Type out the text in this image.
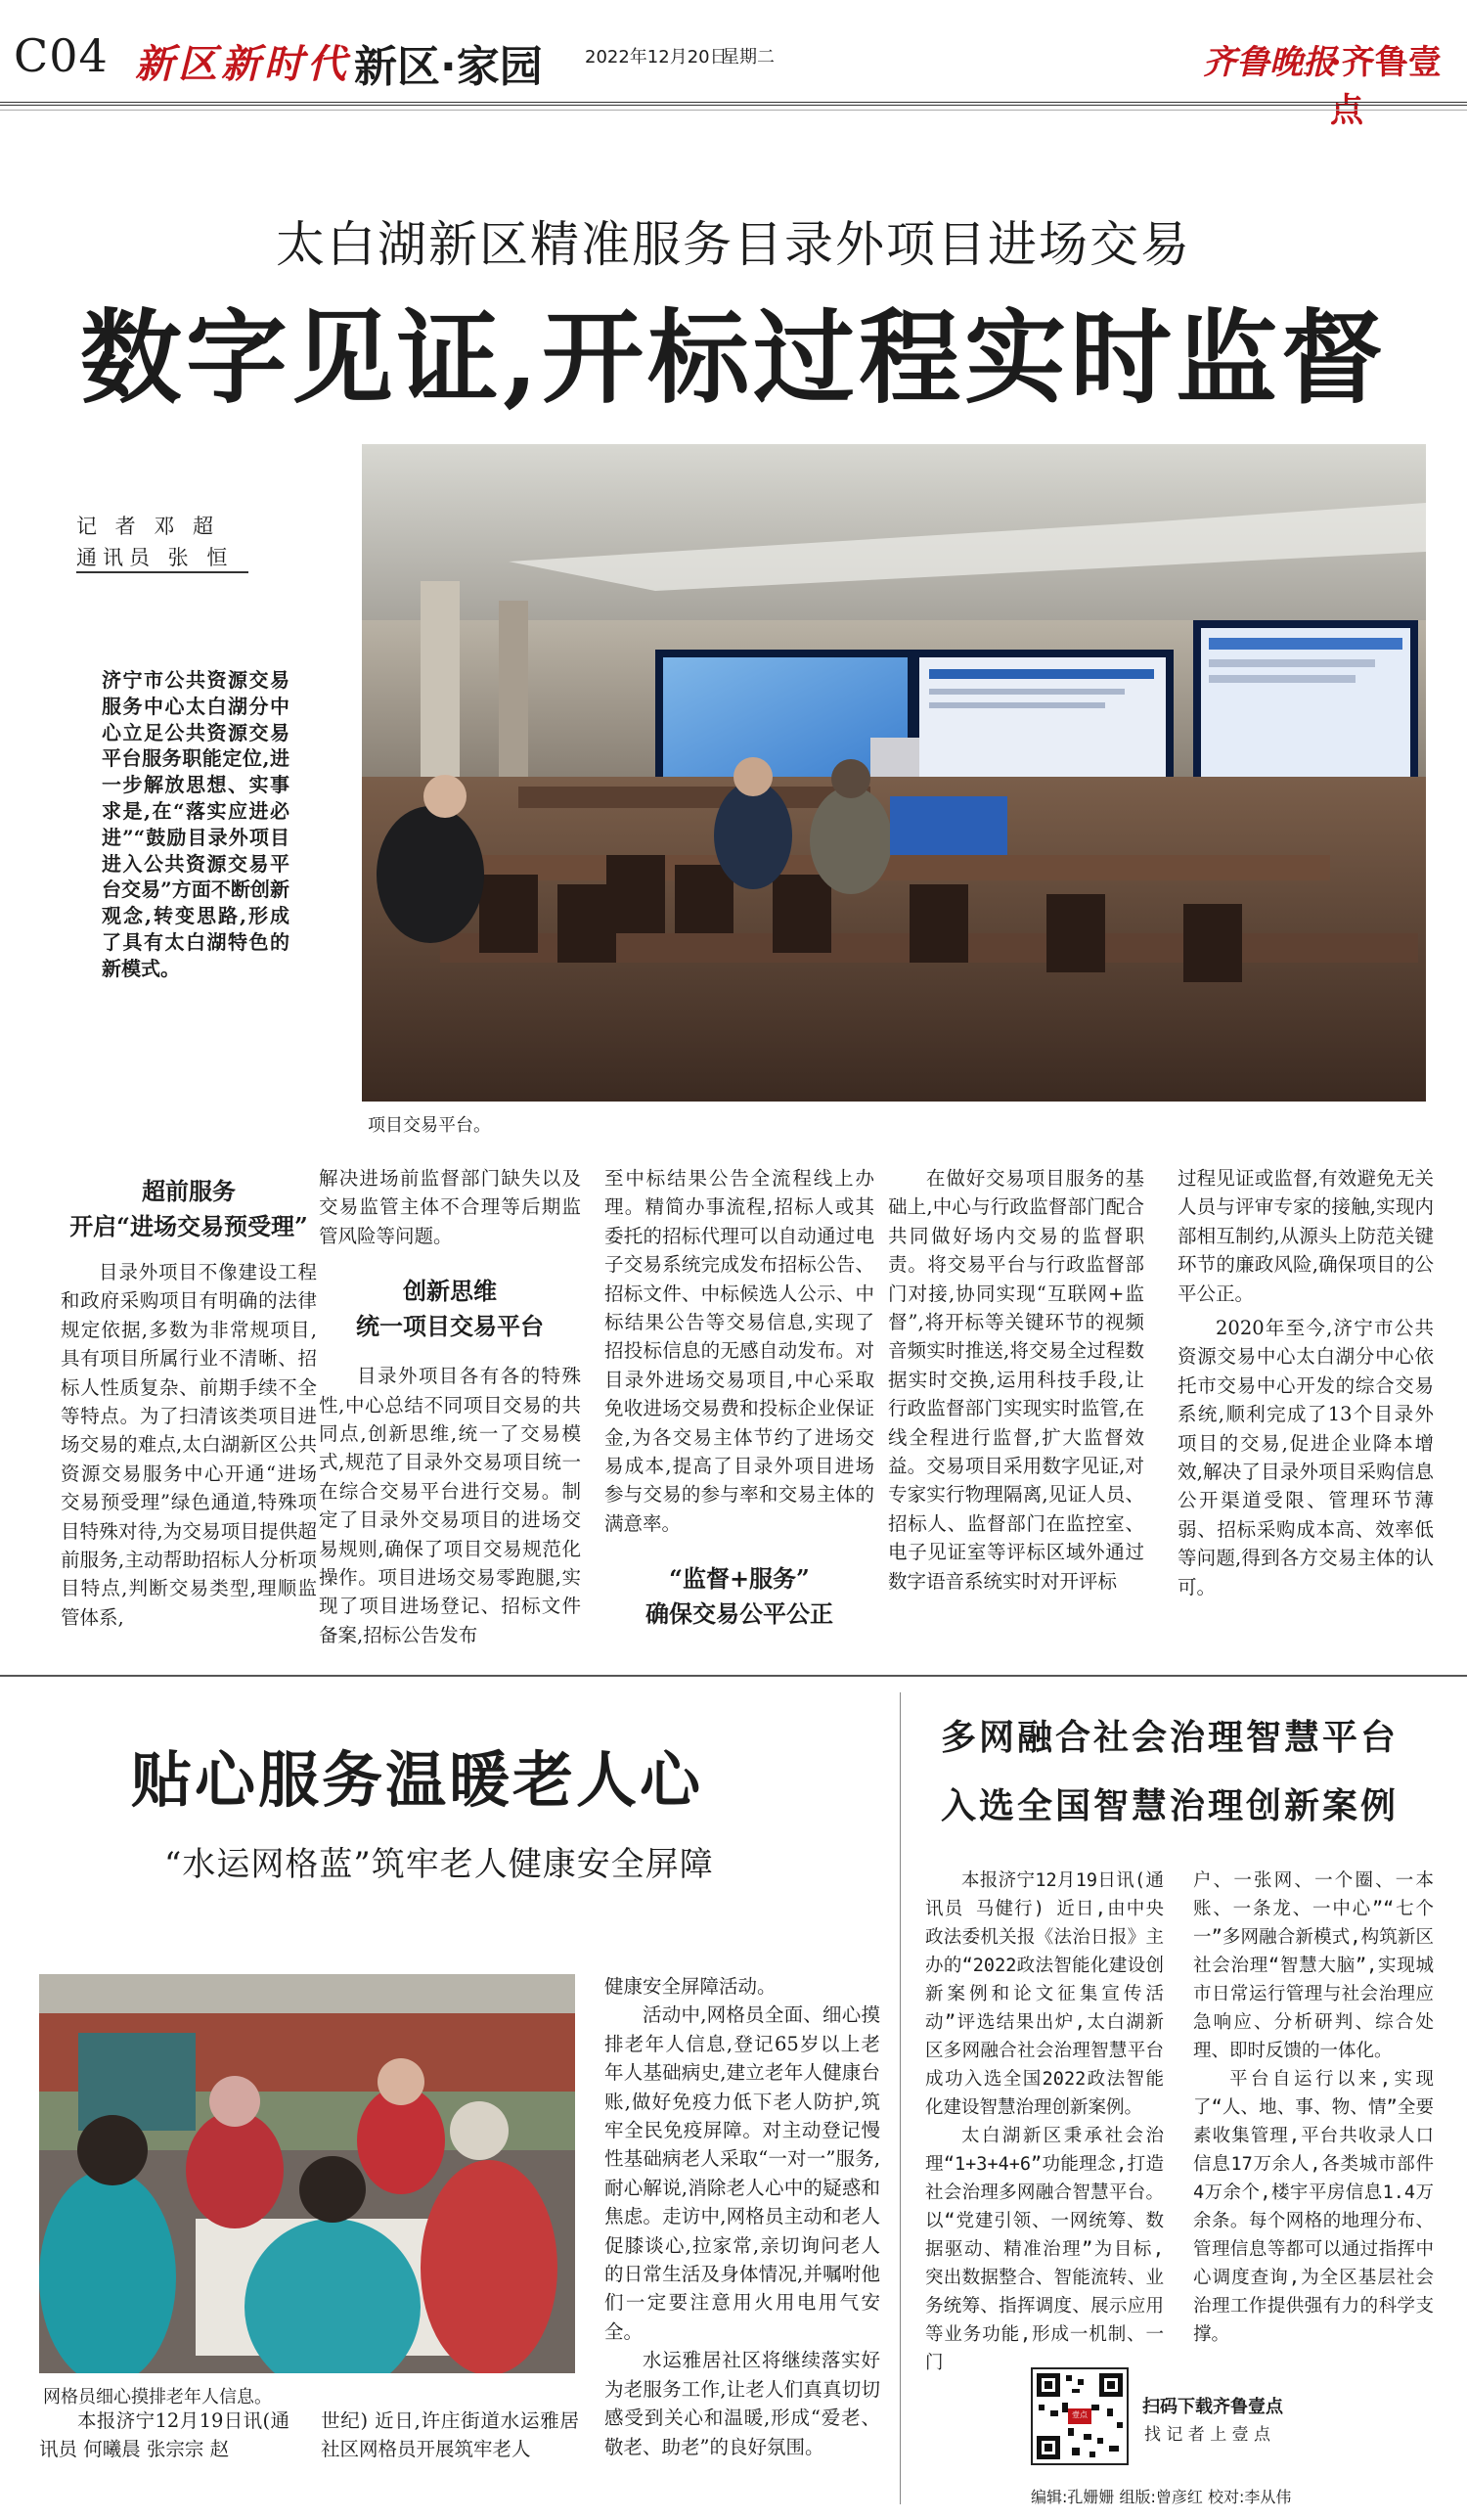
C04 新区新时代 新区·家园 2022年12月20日
星期二	齐鲁晚报
·齐鲁壹点
太白湖新区精准服务目录外项目进场交易
数字见证,开标过程实时监督
记 者 邓 超
通讯员 张 恒
济宁市公共资源交易服务中心太白湖分中心立足公共资源交易平台服务职能定位,进一步解放思想、实事求是,在“落实应进必进”“鼓励目录外项目进入公共资源交易平台交易”方面不断创新观念,转变思路,形成了具有太白湖特色的新模式。
项目交易平台。
超前服务
开启“进场交易预受理”

目录外项目不像建设工程和政府采购项目有明确的法律规定依据,多数为非常规项目,具有项目所属行业不清晰、招标人性质复杂、前期手续不全等特点。为了扫清该类项目进场交易的难点,太白湖新区公共资源交易服务中心开通“进场交易预受理”绿色通道,特殊项目特殊对待,为交易项目提供超前服务,主动帮助招标人分析项目特点,判断交易类型,理顺监管体系,

解决进场前监督部门缺失以及交易监管主体不合理等后期监管风险等问题。
创新思维
统一项目交易平台

目录外项目各有各的特殊性,中心总结不同项目交易的共同点,创新思维,统一了交易模式,规范了目录外交易项目统一在综合交易平台进行交易。制定了目录外交易项目的进场交易规则,确保了项目交易规范化操作。项目进场交易零跑腿,实现了项目进场登记、招标文件备案,招标公告发布

至中标结果公告全流程线上办理。精简办事流程,招标人或其委托的招标代理可以自动通过电子交易系统完成发布招标公告、招标文件、中标候选人公示、中标结果公告等交易信息,实现了招投标信息的无感自动发布。对目录外进场交易项目,中心采取免收进场交易费和投标企业保证金,为各交易主体节约了进场交易成本,提高了目录外项目进场参与交易的参与率和交易主体的满意率。
“监督+服务”
确保交易公平公正

在做好交易项目服务的基础上,中心与行政监督部门配合共同做好场内交易的监督职责。将交易平台与行政监督部门对接,协同实现“互联网+监督”,将开标等关键环节的视频音频实时推送,将交易全过程数据实时交换,运用科技手段,让行政监督部门实现实时监管,在线全程进行监督,扩大监督效益。交易项目采用数字见证,对专家实行物理隔离,见证人员、招标人、监督部门在监控室、电子见证室等评标区域外通过数字语音系统实时对开评标

过程见证或监督,有效避免无关人员与评审专家的接触,实现内部相互制约,从源头上防范关键环节的廉政风险,确保项目的公平公正。

2020年至今,济宁市公共资源交易中心太白湖分中心依托市交易中心开发的综合交易系统,顺利完成了13个目录外项目的交易,促进企业降本增效,解决了目录外项目采购信息公开渠道受限、管理环节薄弱、招标采购成本高、效率低等问题,得到各方交易主体的认可。

贴心服务温暖老人心
“水运网格蓝”筑牢老人健康安全屏障
网格员细心摸排老年人信息。
本报济宁12月19日讯(通讯员 何曦晨 张宗宗 赵
世纪) 近日,许庄街道水运雅居社区网格员开展筑牢老人
健康安全屏障活动。

活动中,网格员全面、细心摸排老年人信息,登记65岁以上老年人基础病史,建立老年人健康台账,做好免疫力低下老人防护,筑牢全民免疫屏障。对主动登记慢性基础病老人采取“一对一”服务,耐心解说,消除老人心中的疑惑和焦虑。走访中,网格员主动和老人促膝谈心,拉家常,亲切询问老人的日常生活及身体情况,并嘱咐他们一定要注意用火用电用气安全。

水运雅居社区将继续落实好为老服务工作,让老人们真真切切感受到关心和温暖,形成“爱老、敬老、助老”的良好氛围。

多网融合社会治理智慧平台
入选全国智慧治理创新案例

本报济宁12月19日讯(通讯员 马健行) 近日,由中央政法委机关报《法治日报》主办的“2022政法智能化建设创新案例和论文征集宣传活动”评选结果出炉,太白湖新区多网融合社会治理智慧平台成功入选全国2022政法智能化建设智慧治理创新案例。

太白湖新区秉承社会治理“1+3+4+6”功能理念,打造社会治理多网融合智慧平台。以“党建引领、一网统筹、数据驱动、精准治理”为目标,突出数据整合、智能流转、业务统筹、指挥调度、展示应用等业务功能,形成一机制、一门

户、一张网、一个圈、一本账、一条龙、一中心”“七个一”多网融合新模式,构筑新区社会治理“智慧大脑”,实现城市日常运行管理与社会治理应急响应、分析研判、综合处理、即时反馈的一体化。

平台自运行以来,实现了“人、地、事、物、情”全要素收集管理,平台共收录人口信息17万余人,各类城市部件4万余个,楼宇平房信息1.4万余条。每个网格的地理分布、管理信息等都可以通过指挥中心调度查询,为全区基层社会治理工作提供强有力的科学支撑。

壹点	扫码下载齐鲁壹点
找 记 者 上 壹 点
编辑:孔姗姗 组版:曾彦红 校对:李从伟
